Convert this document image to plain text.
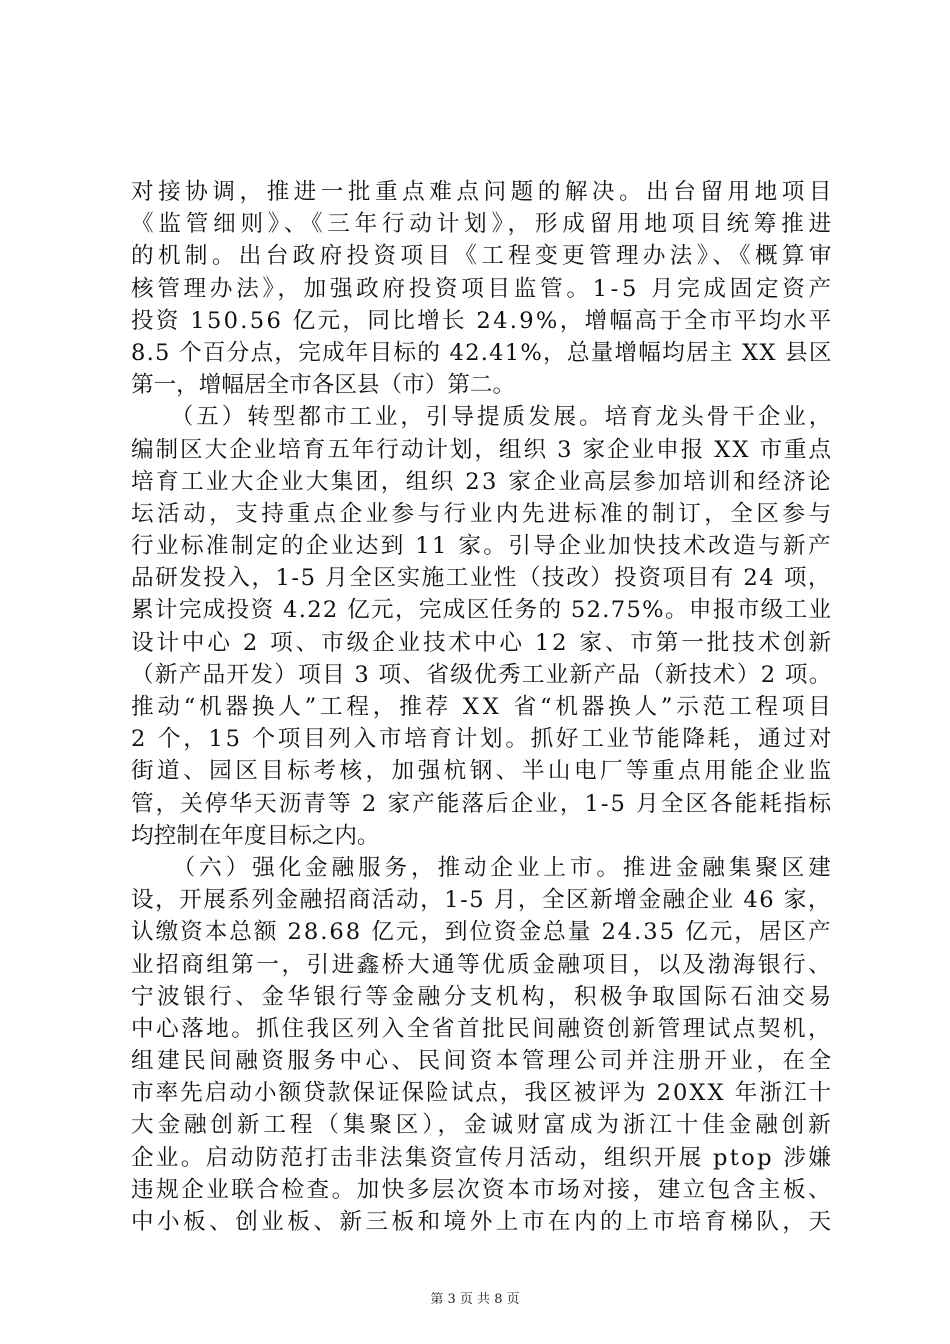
对接协调，推进一批重点难点问题的解决。出台留用地项目
《监管细则》、《三年行动计划》，形成留用地项目统筹推进
的机制。出台政府投资项目《工程变更管理办法》、《概算审
核管理办法》，加强政府投资项目监管。1-5 月完成固定资产
投资 150.56 亿元，同比增长 24.9%，增幅高于全市平均水平
8.5 个百分点，完成年目标的 42.41%，总量增幅均居主 XX 县区
第一，增幅居全市各区县（市）第二。
　　（五）转型都市工业，引导提质发展。培育龙头骨干企业，
编制区大企业培育五年行动计划，组织 3 家企业申报 XX 市重点
培育工业大企业大集团，组织 23 家企业高层参加培训和经济论
坛活动，支持重点企业参与行业内先进标准的制订，全区参与
行业标准制定的企业达到 11 家。引导企业加快技术改造与新产
品研发投入，1-5 月全区实施工业性（技改）投资项目有 24 项，
累计完成投资 4.22 亿元，完成区任务的 52.75%。申报市级工业
设计中心 2 项、市级企业技术中心 12 家、市第一批技术创新
（新产品开发）项目 3 项、省级优秀工业新产品（新技术）2 项。
推动“机器换人”工程，推荐 XX 省“机器换人”示范工程项目
2 个，15 个项目列入市培育计划。抓好工业节能降耗，通过对
街道、园区目标考核，加强杭钢、半山电厂等重点用能企业监
管，关停华天沥青等 2 家产能落后企业，1-5 月全区各能耗指标
均控制在年度目标之内。
　　（六）强化金融服务，推动企业上市。推进金融集聚区建
设，开展系列金融招商活动，1-5 月，全区新增金融企业 46 家，
认缴资本总额 28.68 亿元，到位资金总量 24.35 亿元，居区产
业招商组第一，引进鑫桥大通等优质金融项目，以及渤海银行、
宁波银行、金华银行等金融分支机构，积极争取国际石油交易
中心落地。抓住我区列入全省首批民间融资创新管理试点契机，
组建民间融资服务中心、民间资本管理公司并注册开业，在全
市率先启动小额贷款保证保险试点，我区被评为 20XX 年浙江十
大金融创新工程（集聚区），金诚财富成为浙江十佳金融创新
企业。启动防范打击非法集资宣传月活动，组织开展 ptop 涉嫌
违规企业联合检查。加快多层次资本市场对接，建立包含主板、
中小板、创业板、新三板和境外上市在内的上市培育梯队，天
第 3 页 共 8 页
